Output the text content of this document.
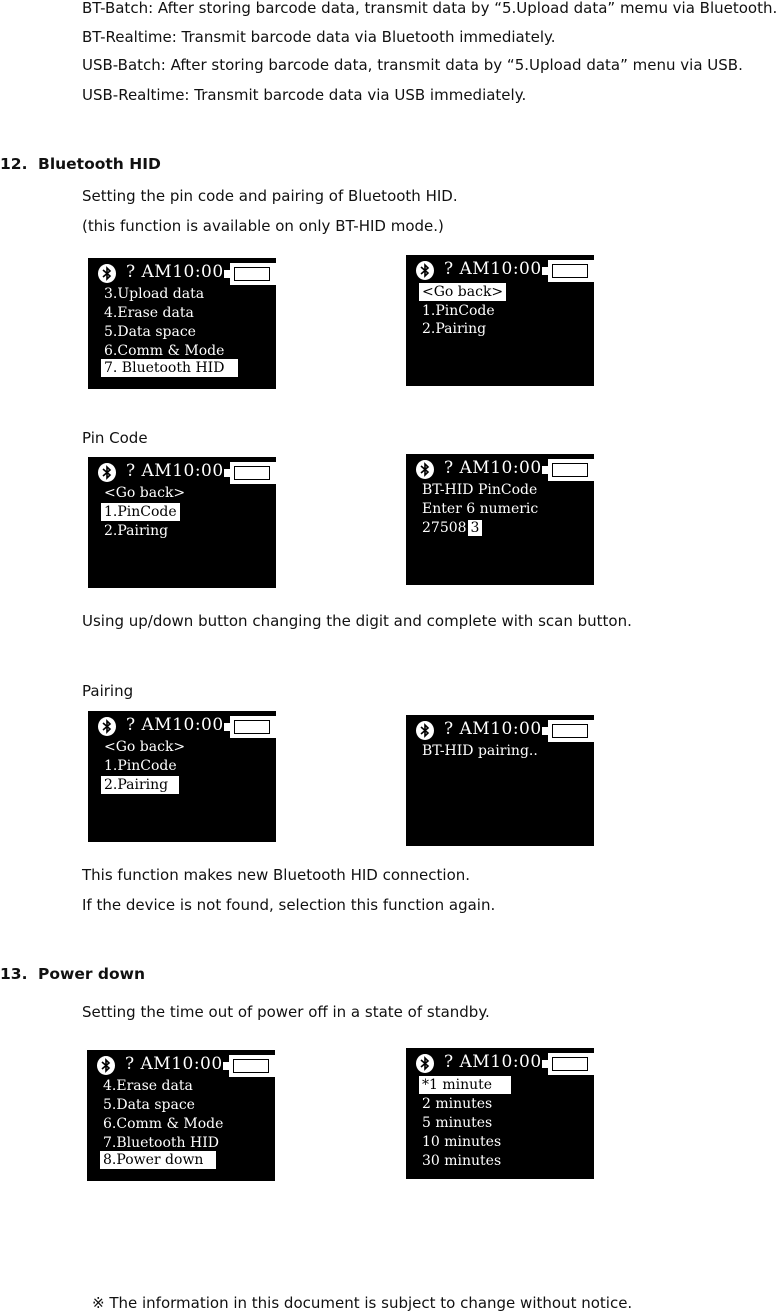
BT-Batch: After storing barcode data, transmit data by “5.Upload data” memu via Bluetooth.
BT-Realtime: Transmit barcode data via Bluetooth immediately.
USB-Batch: After storing barcode data, transmit data by “5.Upload data” menu via USB.
USB-Realtime: Transmit barcode data via USB immediately.
12. Bluetooth HID
Setting the pin code and pairing of Bluetooth HID.
(this function is available on only BT-HID mode.)
? AM10:00
3.Upload data
4.Erase data
5.Data space
6.Comm & Mode
7. Bluetooth HID
? AM10:00
<Go back>
1.PinCode
2.Pairing
Pin Code
? AM10:00
<Go back>
1.PinCode
2.Pairing
? AM10:00
BT-HID PinCode
Enter 6 numeric
27508 3
Using up/down button changing the digit and complete with scan button.
Pairing
? AM10:00
<Go back>
1.PinCode
2.Pairing
? AM10:00
BT-HID pairing..
This function makes new Bluetooth HID connection.
If the device is not found, selection this function again.
13. Power down
Setting the time out of power off in a state of standby.
? AM10:00
4.Erase data
5.Data space
6.Comm & Mode
7.Bluetooth HID
8.Power down
? AM10:00
*1 minute
2 minutes
5 minutes
10 minutes
30 minutes
※ The information in this document is subject to change without notice.
